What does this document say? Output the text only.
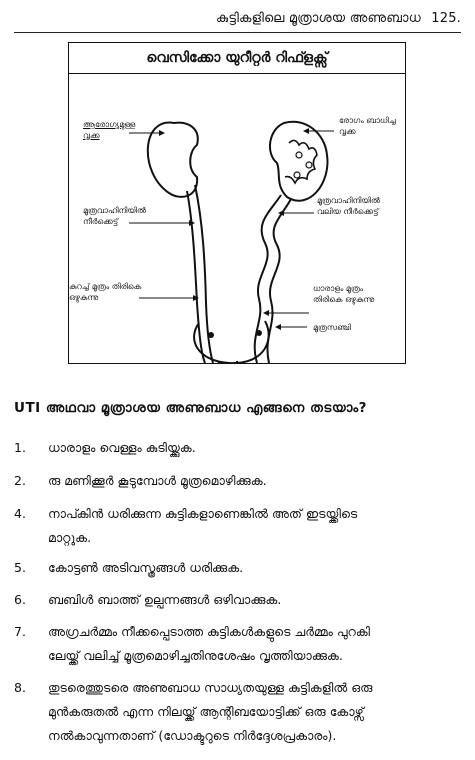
കുട്ടികളിലെ മൂത്രാശയ അണുബാധ 125.
വെസിക്കോ യുറീറ്റർ റിഫ്ളക്സ്
ആരോഗ്യമുള്ള
വൃക്ക
രോഗം ബാധിച്ച
വൃക്ക
മൂത്രവാഹിനിയിൽ
നീർക്കെട്ട്
മൂത്രവാഹിനിയിൽ
വലിയ നീർക്കെട്ട്
കുറച്ച് മൂത്രം തിരികെ
ഒഴുകുന്നു
ധാരാളം മൂത്രം
തിരികെ ഒഴുകുന്നു
മൂത്രസഞ്ചി
UTI അഥവാ മൂത്രാശയ അണുബാധ എങ്ങനെ തടയാം?
1.	ധാരാളം വെള്ളം കുടിയ്ക്കുക.
2.	രു മണിക്കൂർ കൂടുമ്പോൾ മൂത്രമൊഴിക്കുക.
4.	നാപ്കിൻ ധരിക്കുന്ന കുട്ടികളാണെങ്കിൽ അത് ഇടയ്ക്കിടെ
മാറ്റുക.
5.	കോട്ടൺ അടിവസ്ത്രങ്ങൾ ധരിക്കുക.
6.	ബബിൾ ബാത്ത് ഉല്പന്നങ്ങൾ ഒഴിവാക്കുക.
7.	അഗ്രചർമ്മം നീക്കപ്പെടാത്ത കുട്ടികൾകളുടെ ചർമ്മം പുറകി
ലേയ്ക്ക് വലിച്ച് മൂത്രമൊഴിച്ചതിനുശേഷം വൃത്തിയാക്കുക.
8.	തുടരെത്തുടരെ അണുബാധ സാധ്യതയുള്ള കുട്ടികളിൽ ഒരു
മുൻകരുതൽ എന്ന നിലയ്ക്ക് ആന്റിബയോട്ടിക്ക് ഒരു കോഴ്സ്
നൽകാവുന്നതാണ് (ഡോക്ടറുടെ നിർദ്ദേശപ്രകാരം).
